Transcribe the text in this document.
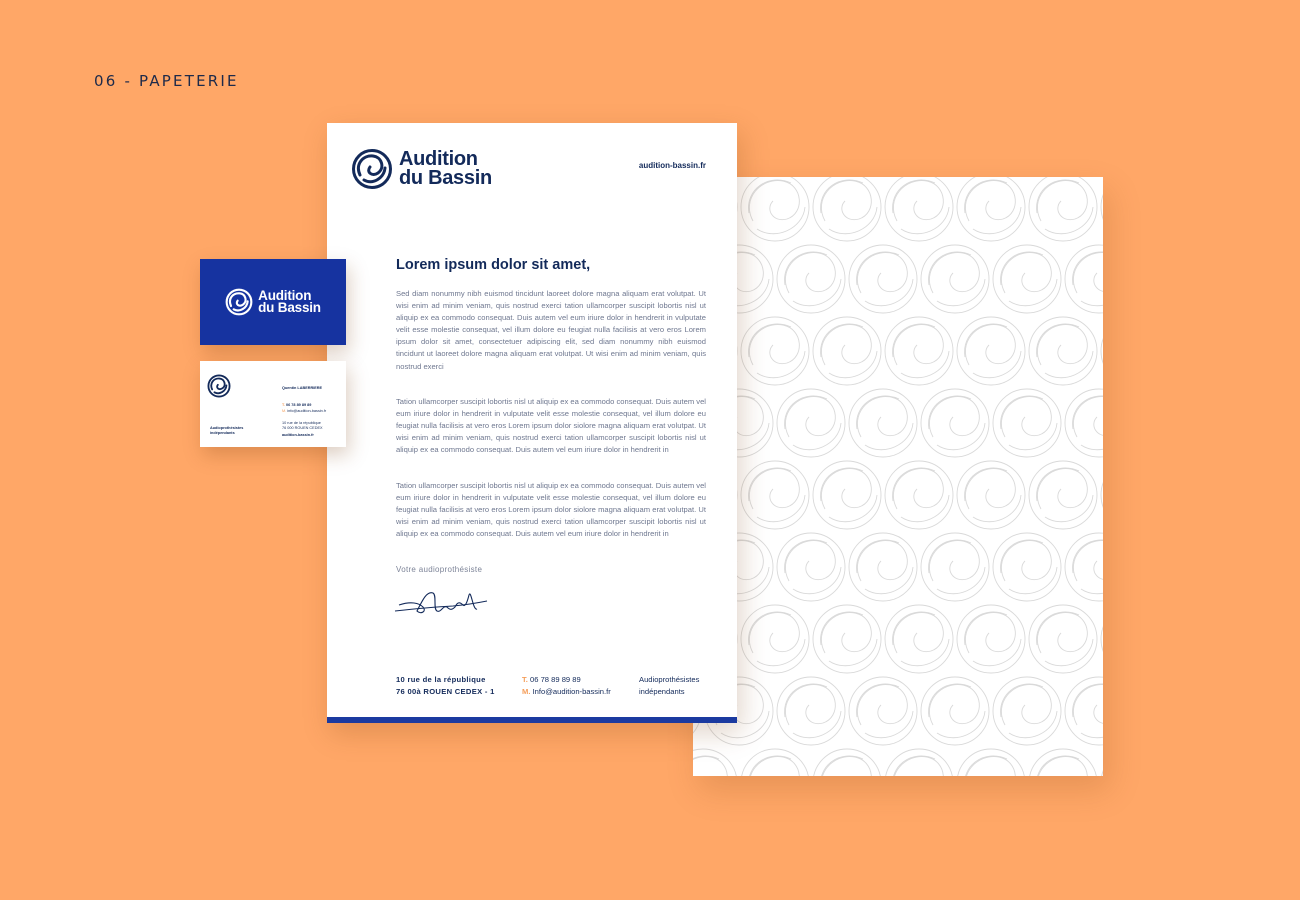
06 - PAPETERIE
Audition
du Bassin
audition-bassin.fr
Lorem ipsum dolor sit amet,
Sed diam nonummy nibh euismod tincidunt laoreet dolore magna aliquam erat volutpat. Ut wisi enim ad minim veniam, quis nostrud exerci tation ullamcorper suscipit lobortis nisl ut aliquip ex ea commodo consequat. Duis autem vel eum iriure dolor in hendrerit in vulputate velit esse molestie consequat, vel illum dolore eu feugiat nulla facilisis at vero eros Lorem ipsum dolor sit amet, consectetuer adipiscing elit, sed diam nonummy nibh euismod tincidunt ut laoreet dolore magna aliquam erat volutpat. Ut wisi enim ad minim veniam, quis nostrud exerci
Tation ullamcorper suscipit lobortis nisl ut aliquip ex ea commodo consequat. Duis autem vel eum iriure dolor in hendrerit in vulputate velit esse molestie consequat, vel illum dolore eu feugiat nulla facilisis at vero eros Lorem ipsum dolor siolore magna aliquam erat volutpat. Ut wisi enim ad minim veniam, quis nostrud exerci tation ullamcorper suscipit lobortis nisl ut aliquip ex ea commodo consequat. Duis autem vel eum iriure dolor in hendrerit in
Tation ullamcorper suscipit lobortis nisl ut aliquip ex ea commodo consequat. Duis autem vel eum iriure dolor in hendrerit in vulputate velit esse molestie consequat, vel illum dolore eu feugiat nulla facilisis at vero eros Lorem ipsum dolor siolore magna aliquam erat volutpat. Ut wisi enim ad minim veniam, quis nostrud exerci tation ullamcorper suscipit lobortis nisl ut aliquip ex ea commodo consequat. Duis autem vel eum iriure dolor in hendrerit in
Votre audioprothésiste
10 rue de la république
76 00à ROUEN CEDEX - 1
T. 06 78 89 89 89
M. Info@audition-bassin.fr
Audioprothésistes
indépendants
Audition
du Bassin
Quentin LABERRIERE
T. 06 78 89 89 89
M. info@audition-bassin.fr
10 rue de la république
76 000 ROUEN CEDEX
audition-bassin.fr
Audioprothésistes
indépendants
